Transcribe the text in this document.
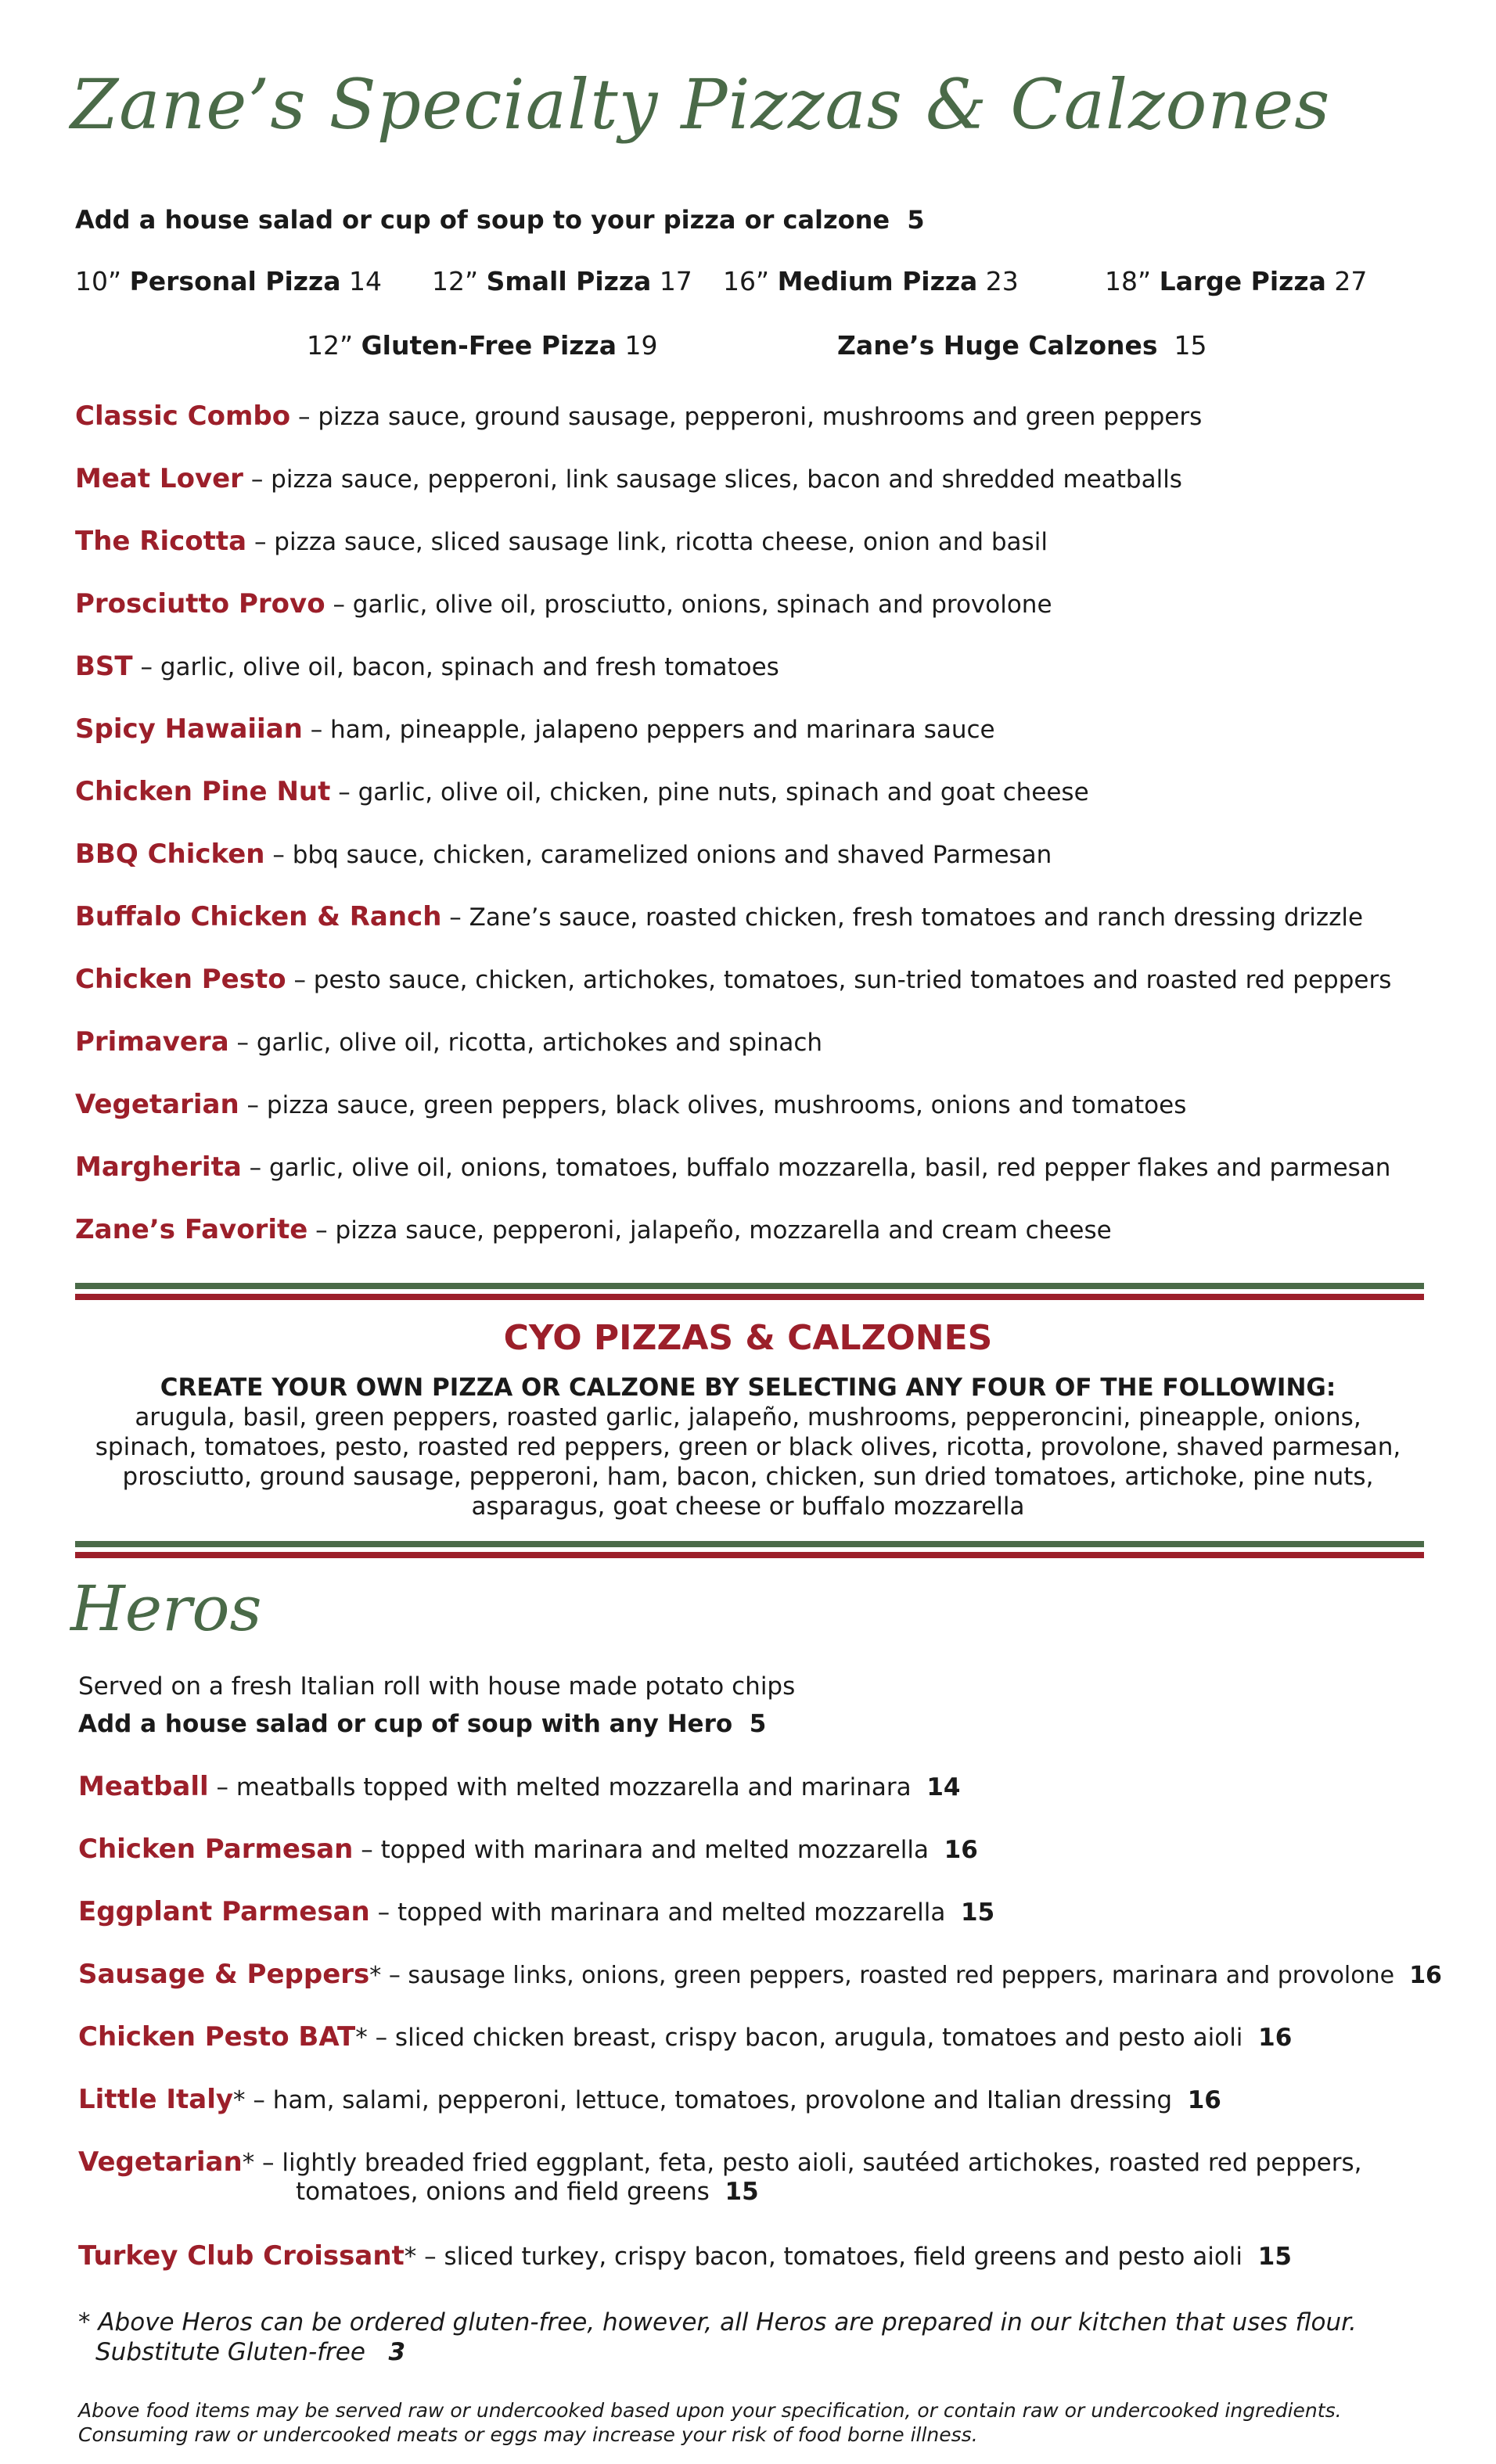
Zane’s Specialty Pizzas & Calzones

Add a house salad or cup of soup to your pizza or calzone 5

10” Personal Pizza 14 12” Small Pizza 17 16” Medium Pizza 23	18” Large Pizza 27
12” Gluten-Free Pizza 19	Zane’s Huge Calzones 15

Classic Combo – pizza sauce, ground sausage, pepperoni, mushrooms and green peppers

Meat Lover – pizza sauce, pepperoni, link sausage slices, bacon and shredded meatballs

The Ricotta – pizza sauce, sliced sausage link, ricotta cheese, onion and basil

Prosciutto Provo – garlic, olive oil, prosciutto, onions, spinach and provolone

BST – garlic, olive oil, bacon, spinach and fresh tomatoes

Spicy Hawaiian – ham, pineapple, jalapeno peppers and marinara sauce

Chicken Pine Nut – garlic, olive oil, chicken, pine nuts, spinach and goat cheese

BBQ Chicken – bbq sauce, chicken, caramelized onions and shaved Parmesan

Buffalo Chicken & Ranch – Zane’s sauce, roasted chicken, fresh tomatoes and ranch dressing drizzle

Chicken Pesto – pesto sauce, chicken, artichokes, tomatoes, sun-tried tomatoes and roasted red peppers

Primavera – garlic, olive oil, ricotta, artichokes and spinach

Vegetarian – pizza sauce, green peppers, black olives, mushrooms, onions and tomatoes

Margherita – garlic, olive oil, onions, tomatoes, buffalo mozzarella, basil, red pepper flakes and parmesan

Zane’s Favorite – pizza sauce, pepperoni, jalapeño, mozzarella and cream cheese

CYO PIZZAS & CALZONES
CREATE YOUR OWN PIZZA OR CALZONE BY SELECTING ANY FOUR OF THE FOLLOWING:
arugula, basil, green peppers, roasted garlic, jalapeño, mushrooms, pepperoncini, pineapple, onions,
spinach, tomatoes, pesto, roasted red peppers, green or black olives, ricotta, provolone, shaved parmesan,
prosciutto, ground sausage, pepperoni, ham, bacon, chicken, sun dried tomatoes, artichoke, pine nuts,
asparagus, goat cheese or buffalo mozzarella
Heros

Served on a fresh Italian roll with house made potato chips

Add a house salad or cup of soup with any Hero 5

Meatball – meatballs topped with melted mozzarella and marinara 14

Chicken Parmesan – topped with marinara and melted mozzarella 16

Eggplant Parmesan – topped with marinara and melted mozzarella 15

Sausage & Peppers* – sausage links, onions, green peppers, roasted red peppers, marinara and provolone 16

Chicken Pesto BAT* – sliced chicken breast, crispy bacon, arugula, tomatoes and pesto aioli 16

Little Italy* – ham, salami, pepperoni, lettuce, tomatoes, provolone and Italian dressing 16

Vegetarian* – lightly breaded fried eggplant, feta, pesto aioli, sautéed artichokes, roasted red peppers,

tomatoes, onions and field greens 15

Turkey Club Croissant* – sliced turkey, crispy bacon, tomatoes, field greens and pesto aioli 15

* Above Heros can be ordered gluten-free, however, all Heros are prepared in our kitchen that uses flour.
Substitute Gluten-free 3
Above food items may be served raw or undercooked based upon your specification, or contain raw or undercooked ingredients.
Consuming raw or undercooked meats or eggs may increase your risk of food borne illness.
